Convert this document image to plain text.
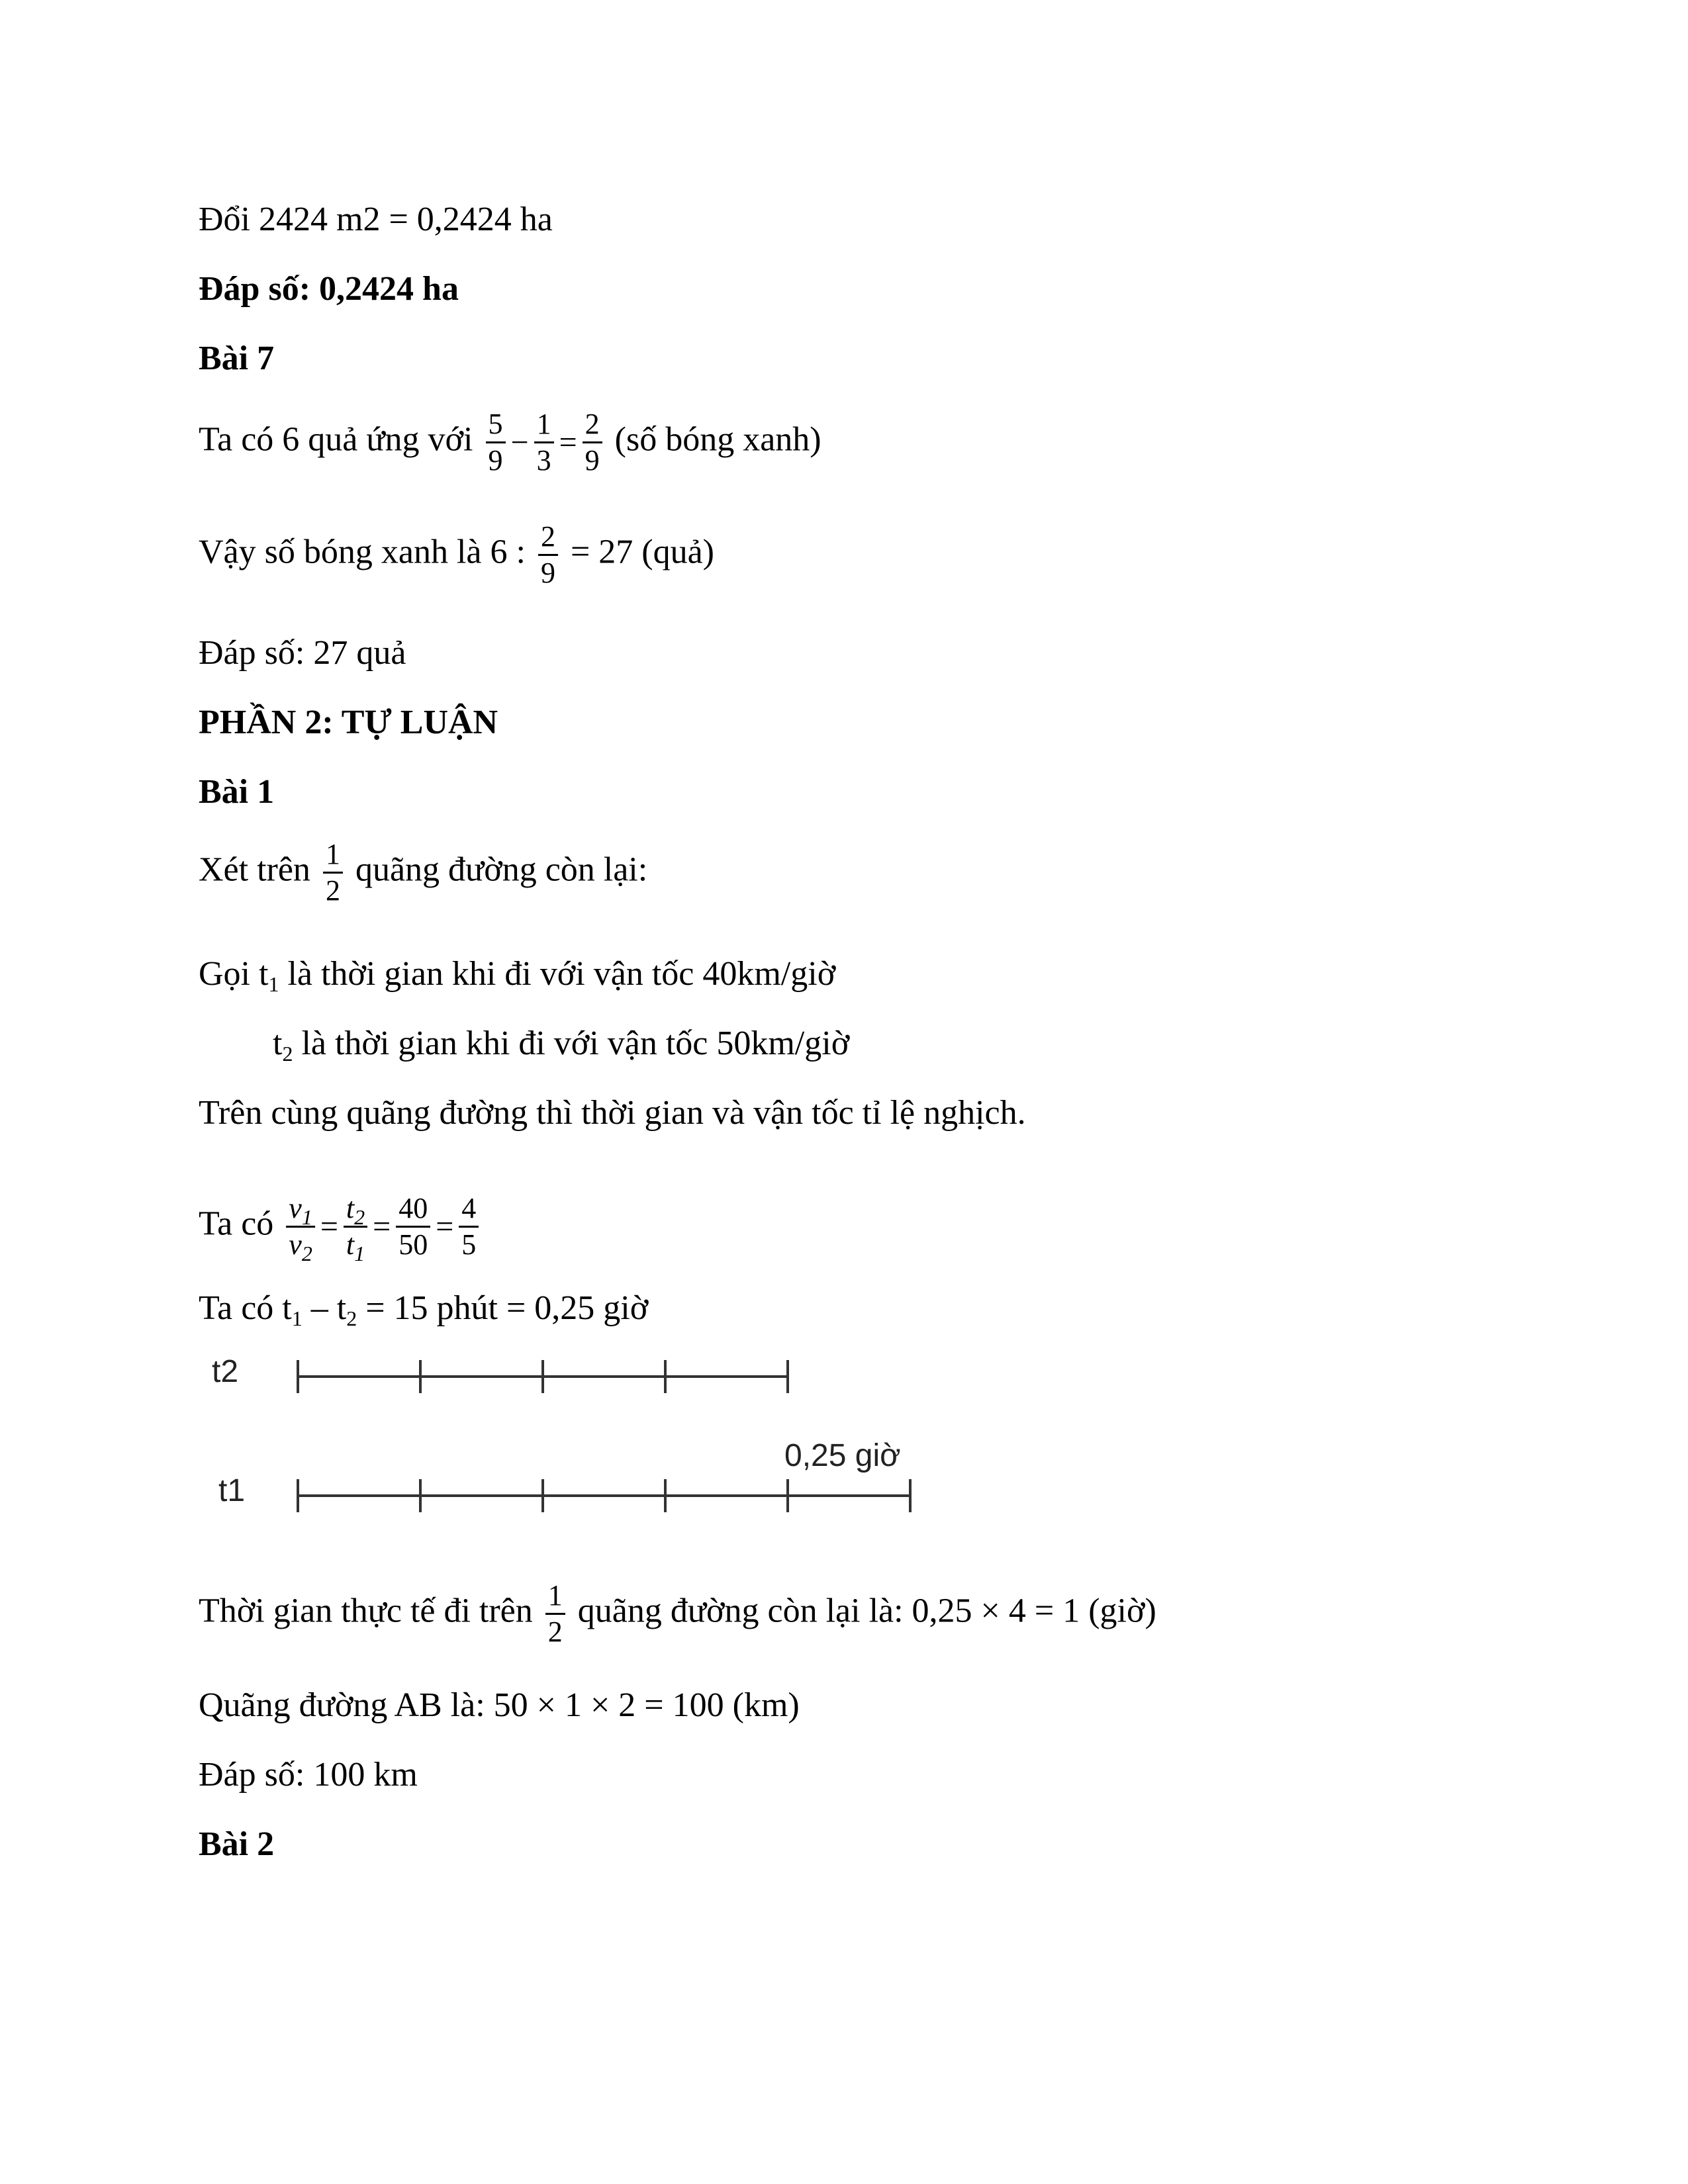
Đổi 2424 m2 = 0,2424 ha
Đáp số: 0,2424 ha
Bài 7
Ta có 6 quả ứng với $\frac{5}{9} - \frac{1}{3} = \frac{2}{9}$ (số bóng xanh)
Vậy số bóng xanh là 6 : $\frac{2}{9} = 27$ (quả)
Đáp số: 27 quả
PHẦN 2: TỰ LUẬN
Bài 1
Xét trên $\frac{1}{2}$ quãng đường còn lại:
Gọi $t_1$ là thời gian khi đi với vận tốc 40km/giờ
$t_2$ là thời gian khi đi với vận tốc 50km/giờ
Trên cùng quãng đường thì thời gian và vận tốc tỉ lệ nghịch.
Ta có $\frac{v_1}{v_2} = \frac{t_2}{t_1} = \frac{40}{50} = \frac{4}{5}$
Ta có $t_1 - t_2 = 15$ phút = 0,25 giờ
t2
0,25 giờ
t1
Thời gian thực tế đi trên $\frac{1}{2}$ quãng đường còn lại là: 0,25 × 4 = 1 (giờ)
Quãng đường AB là: 50 × 1 × 2 = 100 (km)
Đáp số: 100 km
Bài 2
